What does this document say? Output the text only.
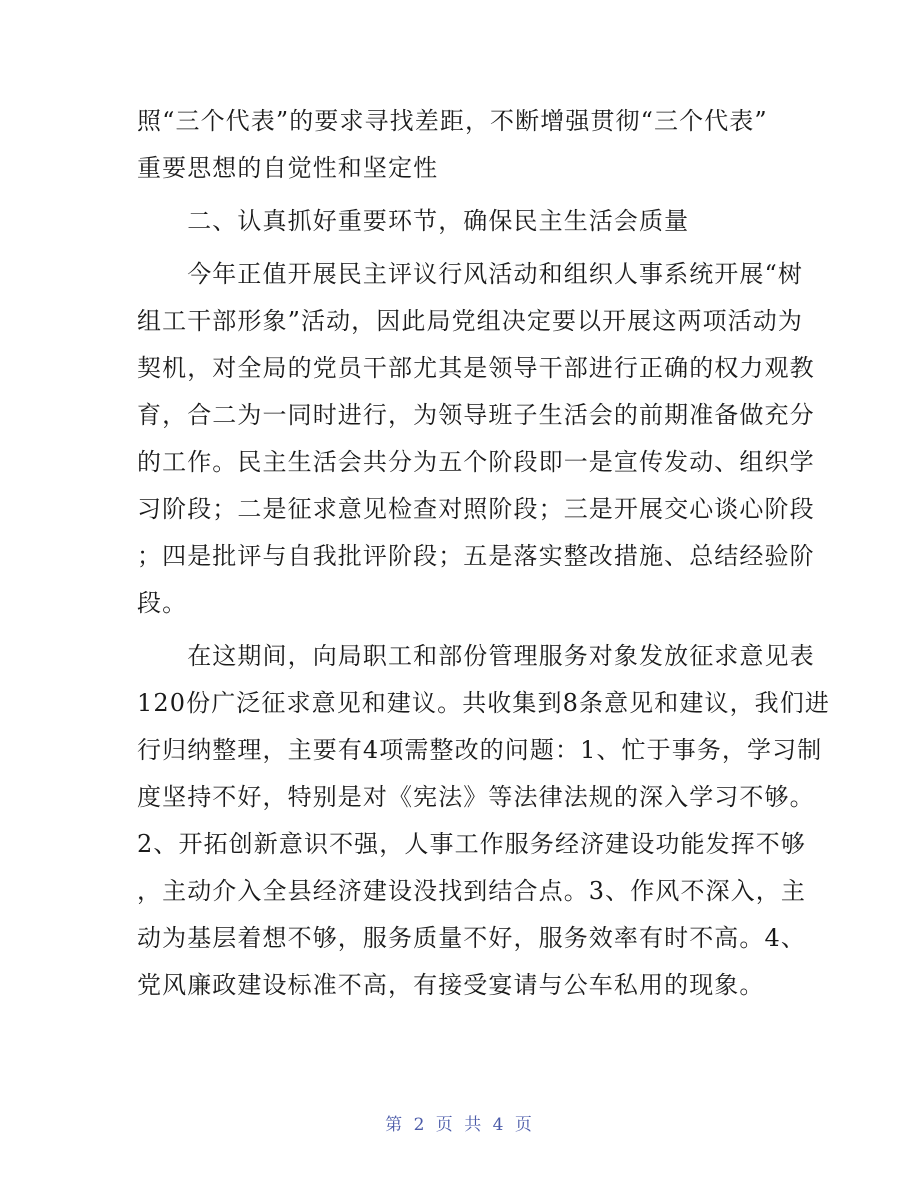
照“三个代表”的要求寻找差距，不断增强贯彻“三个代表”
重要思想的自觉性和坚定性
　　二、认真抓好重要环节，确保民主生活会质量
　　今年正值开展民主评议行风活动和组织人事系统开展“树
组工干部形象”活动，因此局党组决定要以开展这两项活动为
契机，对全局的党员干部尤其是领导干部进行正确的权力观教
育，合二为一同时进行，为领导班子生活会的前期准备做充分
的工作。民主生活会共分为五个阶段即一是宣传发动、组织学
习阶段；二是征求意见检查对照阶段；三是开展交心谈心阶段
；四是批评与自我批评阶段；五是落实整改措施、总结经验阶
段。
　　在这期间，向局职工和部份管理服务对象发放征求意见表
120份广泛征求意见和建议。共收集到8条意见和建议，我们进
行归纳整理，主要有4项需整改的问题：1、忙于事务，学习制
度坚持不好，特别是对《宪法》等法律法规的深入学习不够。
2、开拓创新意识不强，人事工作服务经济建设功能发挥不够
，主动介入全县经济建设没找到结合点。3、作风不深入，主
动为基层着想不够，服务质量不好，服务效率有时不高。4、
党风廉政建设标准不高，有接受宴请与公车私用的现象。
第 2 页 共 4 页
